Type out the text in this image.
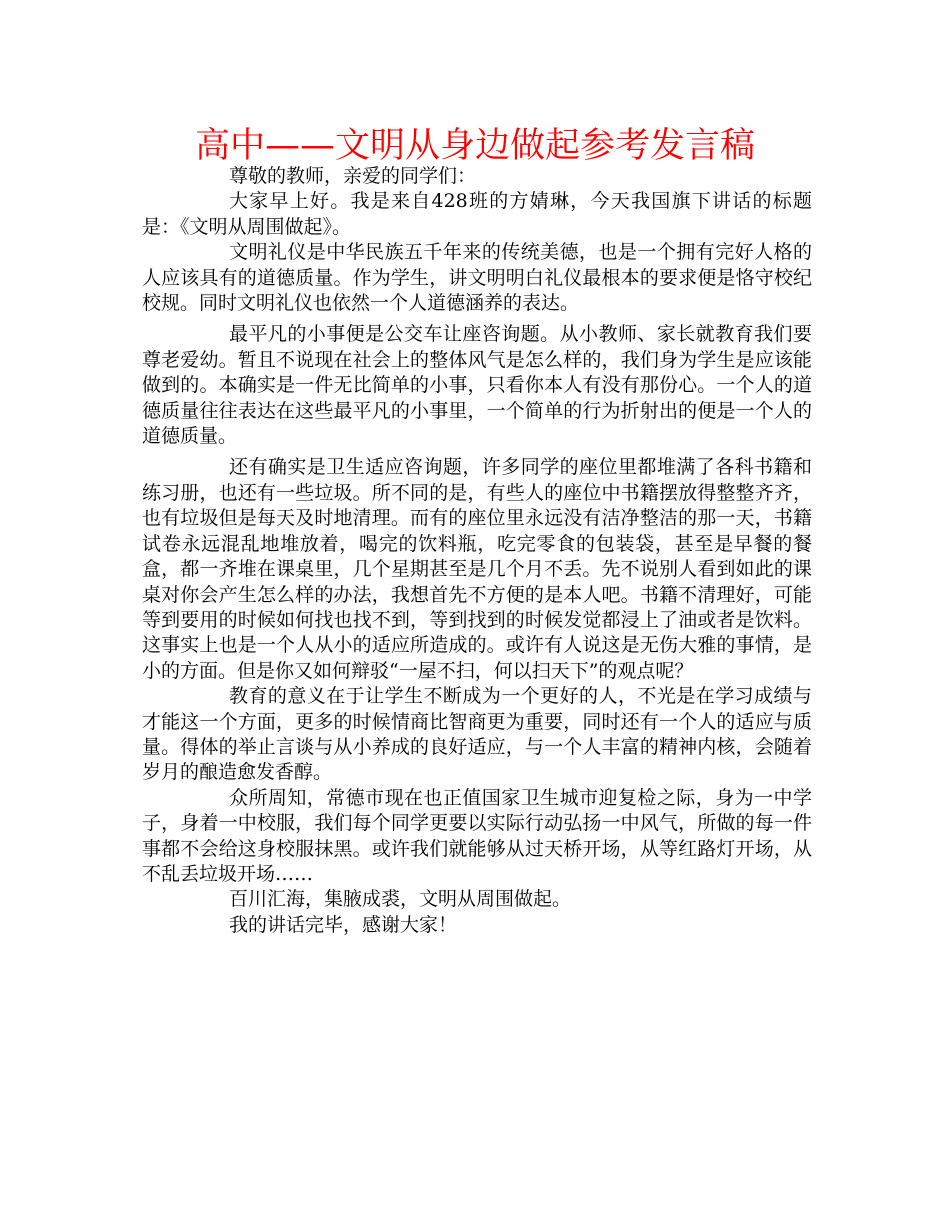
高中——文明从身边做起参考发言稿

尊敬的教师，亲爱的同学们：

大家早上好。我是来自428班的方婧琳，今天我国旗下讲话的标题是：《文明从周围做起》。

文明礼仪是中华民族五千年来的传统美德，也是一个拥有完好人格的人应该具有的道德质量。作为学生，讲文明明白礼仪最根本的要求便是恪守校纪校规。同时文明礼仪也依然一个人道德涵养的表达。

最平凡的小事便是公交车让座咨询题。从小教师、家长就教育我们要尊老爱幼。暂且不说现在社会上的整体风气是怎么样的，我们身为学生是应该能做到的。本确实是一件无比简单的小事，只看你本人有没有那份心。一个人的道德质量往往表达在这些最平凡的小事里，一个简单的行为折射出的便是一个人的道德质量。

还有确实是卫生适应咨询题，许多同学的座位里都堆满了各科书籍和练习册，也还有一些垃圾。所不同的是，有些人的座位中书籍摆放得整整齐齐，也有垃圾但是每天及时地清理。而有的座位里永远没有洁净整洁的那一天，书籍试卷永远混乱地堆放着，喝完的饮料瓶，吃完零食的包装袋，甚至是早餐的餐盒，都一齐堆在课桌里，几个星期甚至是几个月不丢。先不说别人看到如此的课桌对你会产生怎么样的办法，我想首先不方便的是本人吧。书籍不清理好，可能等到要用的时候如何找也找不到，等到找到的时候发觉都浸上了油或者是饮料。这事实上也是一个人从小的适应所造成的。或许有人说这是无伤大雅的事情，是小的方面。但是你又如何辩驳“一屋不扫，何以扫天下”的观点呢？

教育的意义在于让学生不断成为一个更好的人，不光是在学习成绩与才能这一个方面，更多的时候情商比智商更为重要，同时还有一个人的适应与质量。得体的举止言谈与从小养成的良好适应，与一个人丰富的精神内核，会随着岁月的酿造愈发香醇。

众所周知，常德市现在也正值国家卫生城市迎复检之际，身为一中学子，身着一中校服，我们每个同学更要以实际行动弘扬一中风气，所做的每一件事都不会给这身校服抹黑。或许我们就能够从过天桥开场，从等红路灯开场，从不乱丢垃圾开场……

百川汇海，集腋成裘，文明从周围做起。

我的讲话完毕，感谢大家！
